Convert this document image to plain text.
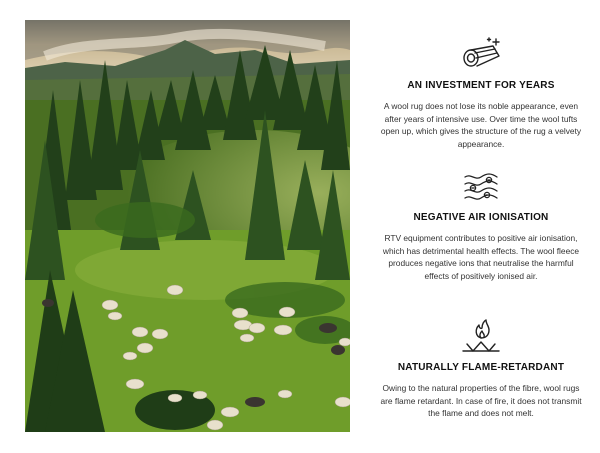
AN INVESTMENT FOR YEARS
A wool rug does not lose its noble appearance, even after years of intensive use. Over time the wool tufts open up, which gives the structure of the rug a velvety appearance.
NEGATIVE AIR IONISATION
RTV equipment contributes to positive air ionisation, which has detrimental health effects. The wool fleece produces negative ions that neutralise the harmful effects of positively ionised air.
NATURALLY FLAME-RETARDANT
Owing to the natural properties of the fibre, wool rugs are flame retardant. In case of fire, it does not transmit the flame and does not melt.
